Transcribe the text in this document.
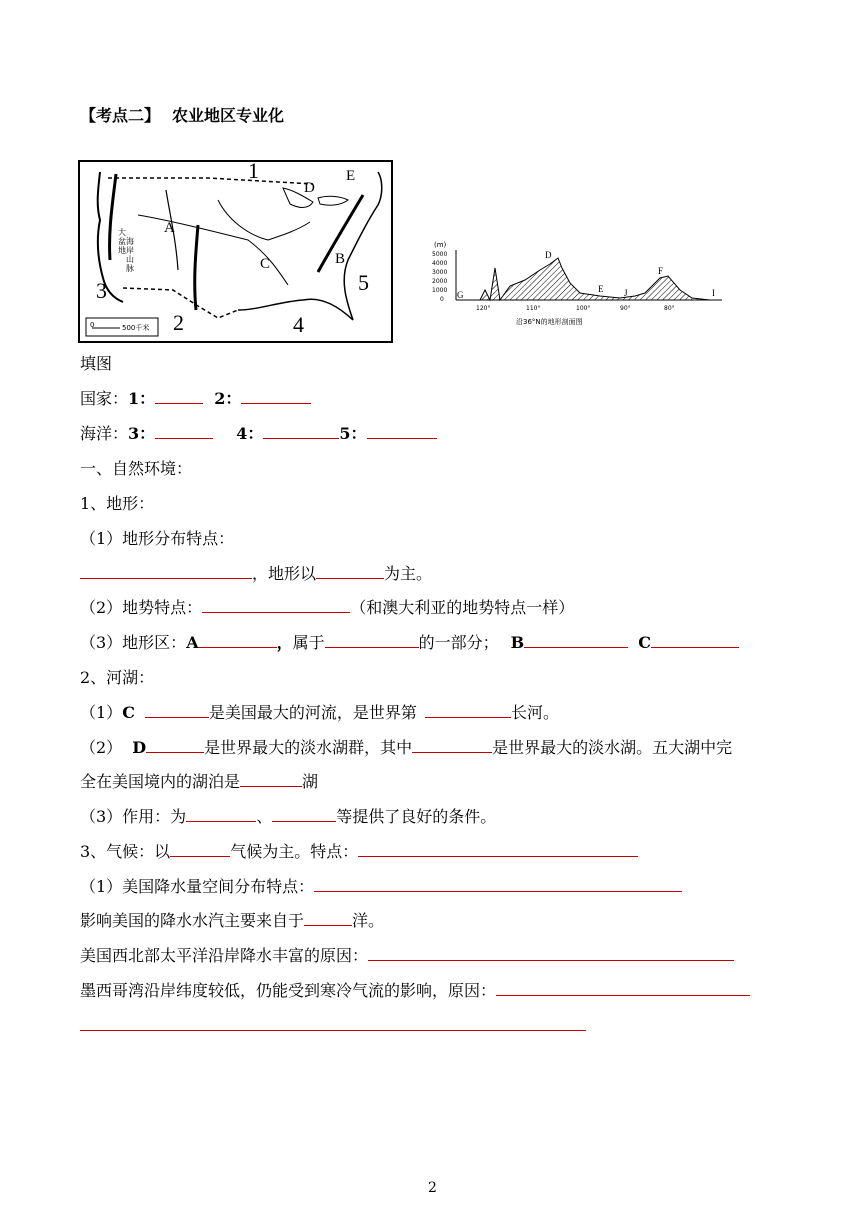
【考点二】 农业地区专业化
1
2
3
4
5
A
B
C
D
E
大
盆
地
海
岸
山
脉
0	500千米
(m)
5000
4000
3000
2000
1000
0 G
D
E J
F
I
120°	110°	100°	90°	80°
沿36°N的地形剖面图
填图
国家：1：	2：
海洋：3：	4：	5：
一、自然环境：
1、地形：
（1）地形分布特点：
，地形以	为主。
（2）地势特点：	（和澳大利亚的地势特点一样）
（3）地形区：A	，属于	的一部分； B	C
2、河湖：
（1）C	是美国最大的河流，是世界第	长河。
（2） D	是世界最大的淡水湖群，其中	是世界最大的淡水湖。五大湖中完
全在美国境内的湖泊是	湖
（3）作用：为	、	等提供了良好的条件。
3、气候：以	气候为主。特点：
（1）美国降水量空间分布特点：
影响美国的降水水汽主要来自于	洋。
美国西北部太平洋沿岸降水丰富的原因：
墨西哥湾沿岸纬度较低，仍能受到寒冷气流的影响，原因：
2
